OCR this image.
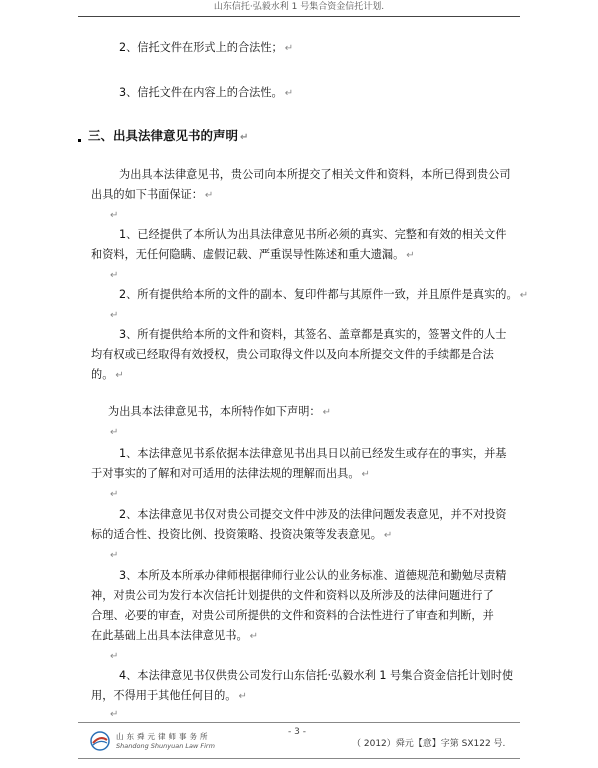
山东信托·弘毅水利 1 号集合资金信托计划.
2、信托文件在形式上的合法性； ↵
3、信托文件在内容上的合法性。 ↵
三、出具法律意见书的声明 ↵
为出具本法律意见书，贵公司向本所提交了相关文件和资料，本所已得到贵公司
出具的如下书面保证： ↵
↵
1、已经提供了本所认为出具法律意见书所必须的真实、完整和有效的相关文件
和资料，无任何隐瞒、虚假记载、严重误导性陈述和重大遗漏。 ↵
↵
2、所有提供给本所的文件的副本、复印件都与其原件一致，并且原件是真实的。 ↵
↵
3、所有提供给本所的文件和资料，其签名、盖章都是真实的，签署文件的人士
均有权或已经取得有效授权，贵公司取得文件以及向本所提交文件的手续都是合法
的。 ↵
为出具本法律意见书，本所特作如下声明： ↵
↵
1、本法律意见书系依据本法律意见书出具日以前已经发生或存在的事实，并基
于对事实的了解和对可适用的法律法规的理解而出具。 ↵
↵
2、本法律意见书仅对贵公司提交文件中涉及的法律问题发表意见，并不对投资
标的适合性、投资比例、投资策略、投资决策等发表意见。 ↵
↵
3、本所及本所承办律师根据律师行业公认的业务标准、道德规范和勤勉尽责精
神，对贵公司为发行本次信托计划提供的文件和资料以及所涉及的法律问题进行了
合理、必要的审查，对贵公司所提供的文件和资料的合法性进行了审查和判断，并
在此基础上出具本法律意见书。 ↵
↵
4、本法律意见书仅供贵公司发行山东信托·弘毅水利 1 号集合资金信托计划时使
用，不得用于其他任何目的。 ↵
↵
山东舜元律师事务所
Shandong Shunyuan Law Firm
- 3 -
（ 2012）舜元【意】字第 SX122 号.
